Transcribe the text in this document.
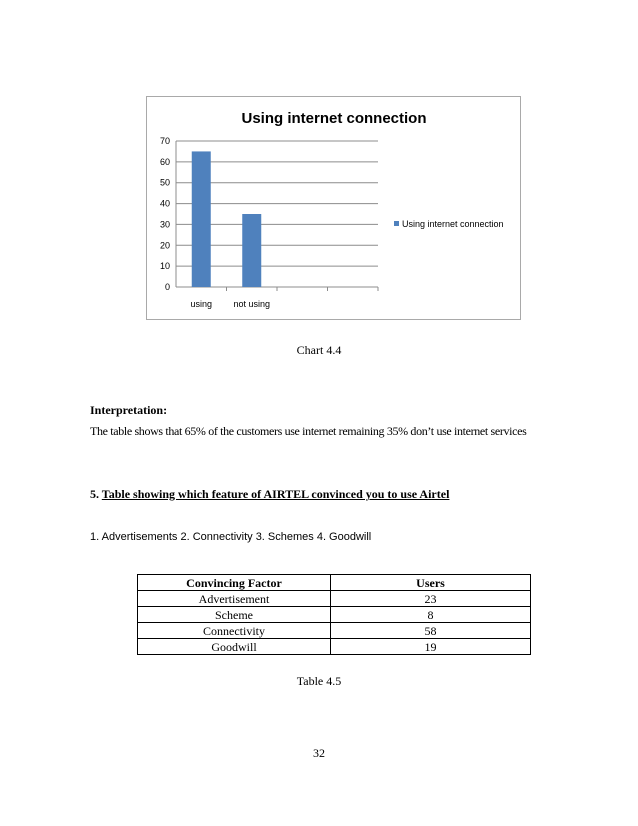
Using internet connection
0
10
20
30
40
50
60
70
using not using
Using internet connection
Chart 4.4
Interpretation:
The table shows that 65% of the customers use internet remaining 35% don’t use internet services
5. Table showing which feature of AIRTEL convinced you to use Airtel
1. Advertisements 2. Connectivity 3. Schemes 4. Goodwill
Convincing Factor	Users
Advertisement	23
Scheme	8
Connectivity	58
Goodwill	19
Table 4.5
32
